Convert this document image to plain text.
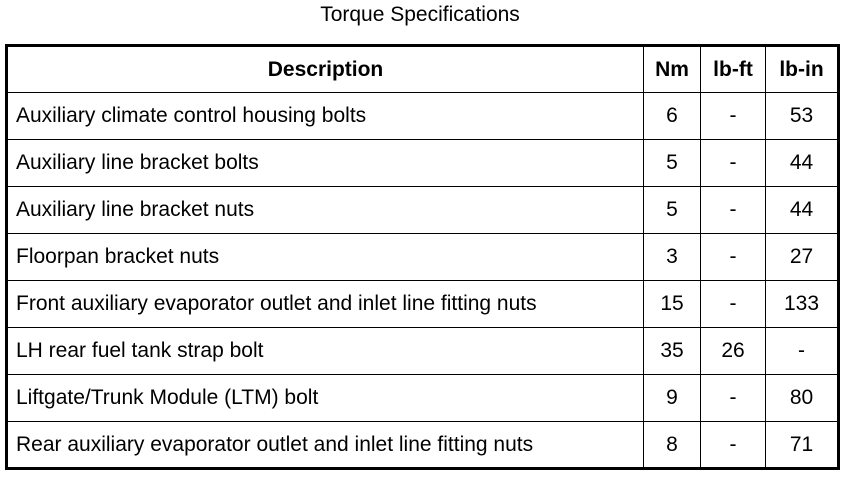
Torque Specifications
Description	Nm	lb-ft	lb-in
Auxiliary climate control housing bolts	6	-	53
Auxiliary line bracket bolts	5	-	44
Auxiliary line bracket nuts	5	-	44
Floorpan bracket nuts	3	-	27
Front auxiliary evaporator outlet and inlet line fitting nuts	15	-	133
LH rear fuel tank strap bolt	35	26	-
Liftgate/Trunk Module (LTM) bolt	9	-	80
Rear auxiliary evaporator outlet and inlet line fitting nuts	8	-	71
